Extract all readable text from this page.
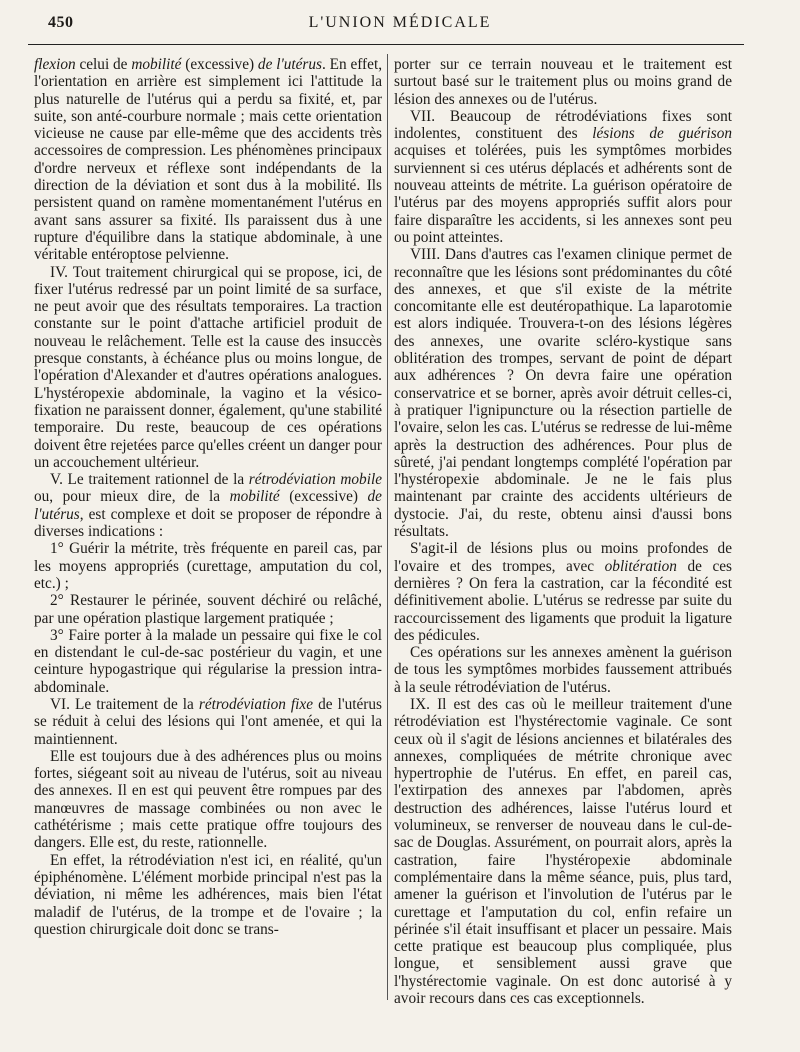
450	L'UNION MÉDICALE

flexion celui de mobilité (excessive) de l'utérus. En effet, l'orientation en arrière est simplement ici l'attitude la plus naturelle de l'utérus qui a perdu sa fixité, et, par suite, son anté-courbure normale ; mais cette orientation vicieuse ne cause par elle-même que des accidents très accessoires de compression. Les phénomènes principaux d'ordre nerveux et réflexe sont indépendants de la direction de la déviation et sont dus à la mobilité. Ils persistent quand on ramène momentanément l'utérus en avant sans assurer sa fixité. Ils paraissent dus à une rupture d'équilibre dans la statique abdominale, à une véritable entéroptose pelvienne.

IV. Tout traitement chirurgical qui se propose, ici, de fixer l'utérus redressé par un point limité de sa surface, ne peut avoir que des résultats temporaires. La traction constante sur le point d'attache artificiel produit de nouveau le relâchement. Telle est la cause des insuccès presque constants, à échéance plus ou moins longue, de l'opération d'Alexander et d'autres opérations analogues. L'hystéropexie abdominale, la vagino et la vésico-fixation ne paraissent donner, également, qu'une stabilité temporaire. Du reste, beaucoup de ces opérations doivent être rejetées parce qu'elles créent un danger pour un accouchement ultérieur.

V. Le traitement rationnel de la rétrodéviation mobile ou, pour mieux dire, de la mobilité (excessive) de l'utérus, est complexe et doit se proposer de répondre à diverses indications :

1° Guérir la métrite, très fréquente en pareil cas, par les moyens appropriés (curettage, amputation du col, etc.) ;

2° Restaurer le périnée, souvent déchiré ou relâché, par une opération plastique largement pratiquée ;

3° Faire porter à la malade un pessaire qui fixe le col en distendant le cul-de-sac postérieur du vagin, et une ceinture hypogastrique qui régularise la pression intra-abdominale.

VI. Le traitement de la rétrodéviation fixe de l'utérus se réduit à celui des lésions qui l'ont amenée, et qui la maintiennent.

Elle est toujours due à des adhérences plus ou moins fortes, siégeant soit au niveau de l'utérus, soit au niveau des annexes. Il en est qui peuvent être rompues par des manœuvres de massage combinées ou non avec le cathétérisme ; mais cette pratique offre toujours des dangers. Elle est, du reste, rationnelle.

En effet, la rétrodéviation n'est ici, en réalité, qu'un épiphénomène. L'élément morbide principal n'est pas la déviation, ni même les adhérences, mais bien l'état maladif de l'utérus, de la trompe et de l'ovaire ; la question chirurgicale doit donc se trans-

porter sur ce terrain nouveau et le traitement est surtout basé sur le traitement plus ou moins grand de lésion des annexes ou de l'utérus.

VII. Beaucoup de rétrodéviations fixes sont indolentes, constituent des lésions de guérison acquises et tolérées, puis les symptômes morbides surviennent si ces utérus déplacés et adhérents sont de nouveau atteints de métrite. La guérison opératoire de l'utérus par des moyens appropriés suffit alors pour faire disparaître les accidents, si les annexes sont peu ou point atteintes.

VIII. Dans d'autres cas l'examen clinique permet de reconnaître que les lésions sont prédominantes du côté des annexes, et que s'il existe de la métrite concomitante elle est deutéropathique. La laparotomie est alors indiquée. Trouvera-t-on des lésions légères des annexes, une ovarite scléro-kystique sans oblitération des trompes, servant de point de départ aux adhérences ? On devra faire une opération conservatrice et se borner, après avoir détruit celles-ci, à pratiquer l'ignipuncture ou la résection partielle de l'ovaire, selon les cas. L'utérus se redresse de lui-même après la destruction des adhérences. Pour plus de sûreté, j'ai pendant longtemps complété l'opération par l'hystéropexie abdominale. Je ne le fais plus maintenant par crainte des accidents ultérieurs de dystocie. J'ai, du reste, obtenu ainsi d'aussi bons résultats.

S'agit-il de lésions plus ou moins profondes de l'ovaire et des trompes, avec oblitération de ces dernières ? On fera la castration, car la fécondité est définitivement abolie. L'utérus se redresse par suite du raccourcissement des ligaments que produit la ligature des pédicules.

Ces opérations sur les annexes amènent la guérison de tous les symptômes morbides faussement attribués à la seule rétrodéviation de l'utérus.

IX. Il est des cas où le meilleur traitement d'une rétrodéviation est l'hystérectomie vaginale. Ce sont ceux où il s'agit de lésions anciennes et bilatérales des annexes, compliquées de métrite chronique avec hypertrophie de l'utérus. En effet, en pareil cas, l'extirpation des annexes par l'abdomen, après destruction des adhérences, laisse l'utérus lourd et volumineux, se renverser de nouveau dans le cul-de-sac de Douglas. Assurément, on pourrait alors, après la castration, faire l'hystéropexie abdominale complémentaire dans la même séance, puis, plus tard, amener la guérison et l'involution de l'utérus par le curettage et l'amputation du col, enfin refaire un périnée s'il était insuffisant et placer un pessaire. Mais cette pratique est beaucoup plus compliquée, plus longue, et sensiblement aussi grave que l'hystérectomie vaginale. On est donc autorisé à y avoir recours dans ces cas exceptionnels.
